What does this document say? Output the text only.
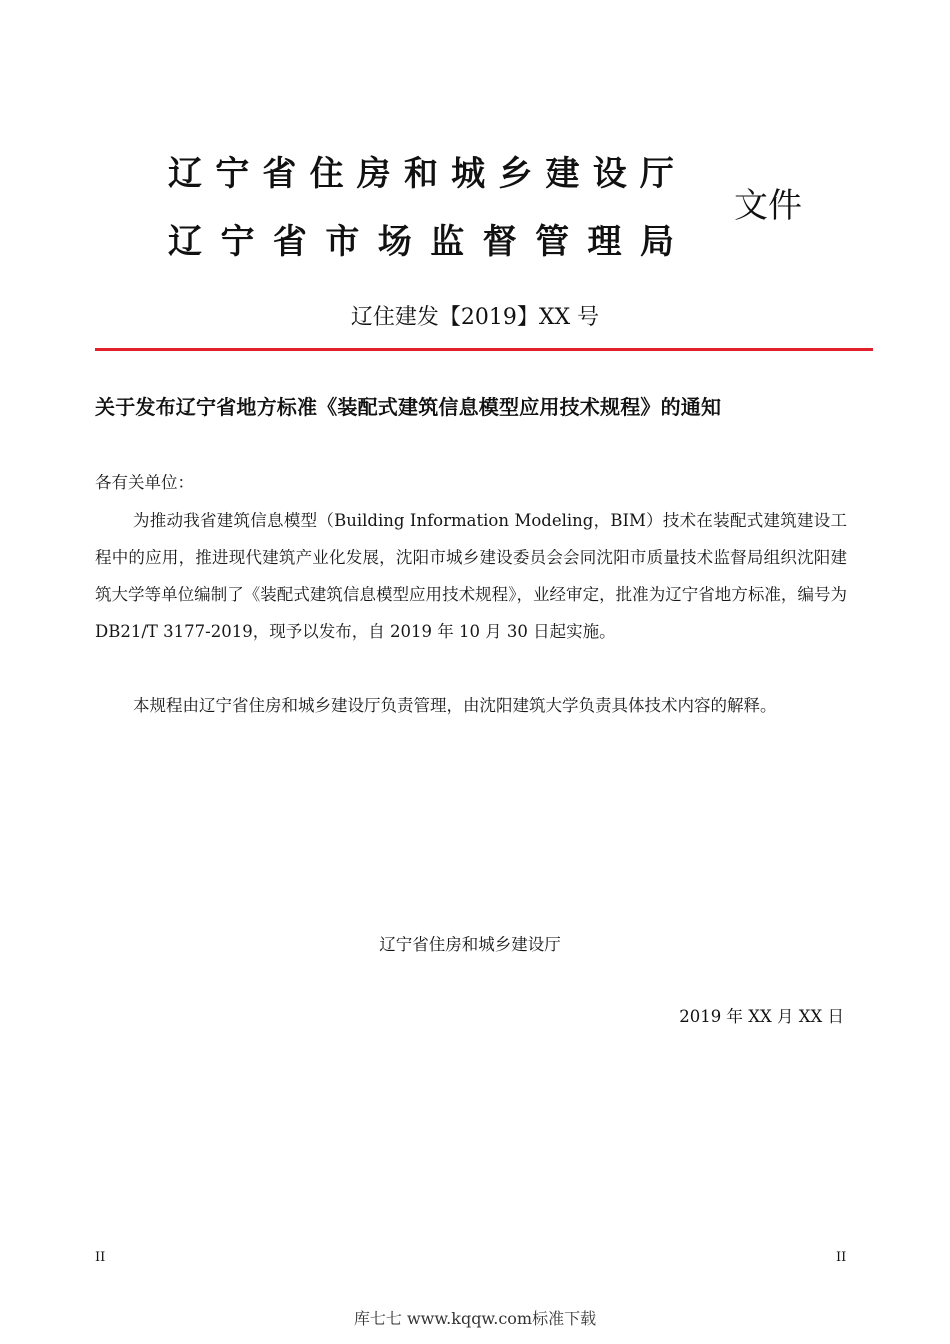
辽 宁 省 住 房 和 城 乡 建 设 厅
辽 宁 省 市 场 监 督 管 理 局
文件
辽住建发【2019】XX 号
关于发布辽宁省地方标准《装配式建筑信息模型应用技术规程》的通知
各有关单位：
为推动我省建筑信息模型（Building Information Modeling，BIM）技术在装配式建筑建设工程中的应用，推进现代建筑产业化发展，沈阳市城乡建设委员会会同沈阳市质量技术监督局组织沈阳建筑大学等单位编制了《装配式建筑信息模型应用技术规程》，业经审定，批准为辽宁省地方标准，编号为 DB21/T 3177-2019，现予以发布，自 2019 年 10 月 30 日起实施。
本规程由辽宁省住房和城乡建设厅负责管理，由沈阳建筑大学负责具体技术内容的解释。
辽宁省住房和城乡建设厅
2019 年 XX 月 XX 日
II	II
库七七 www.kqqw.com标准下载
